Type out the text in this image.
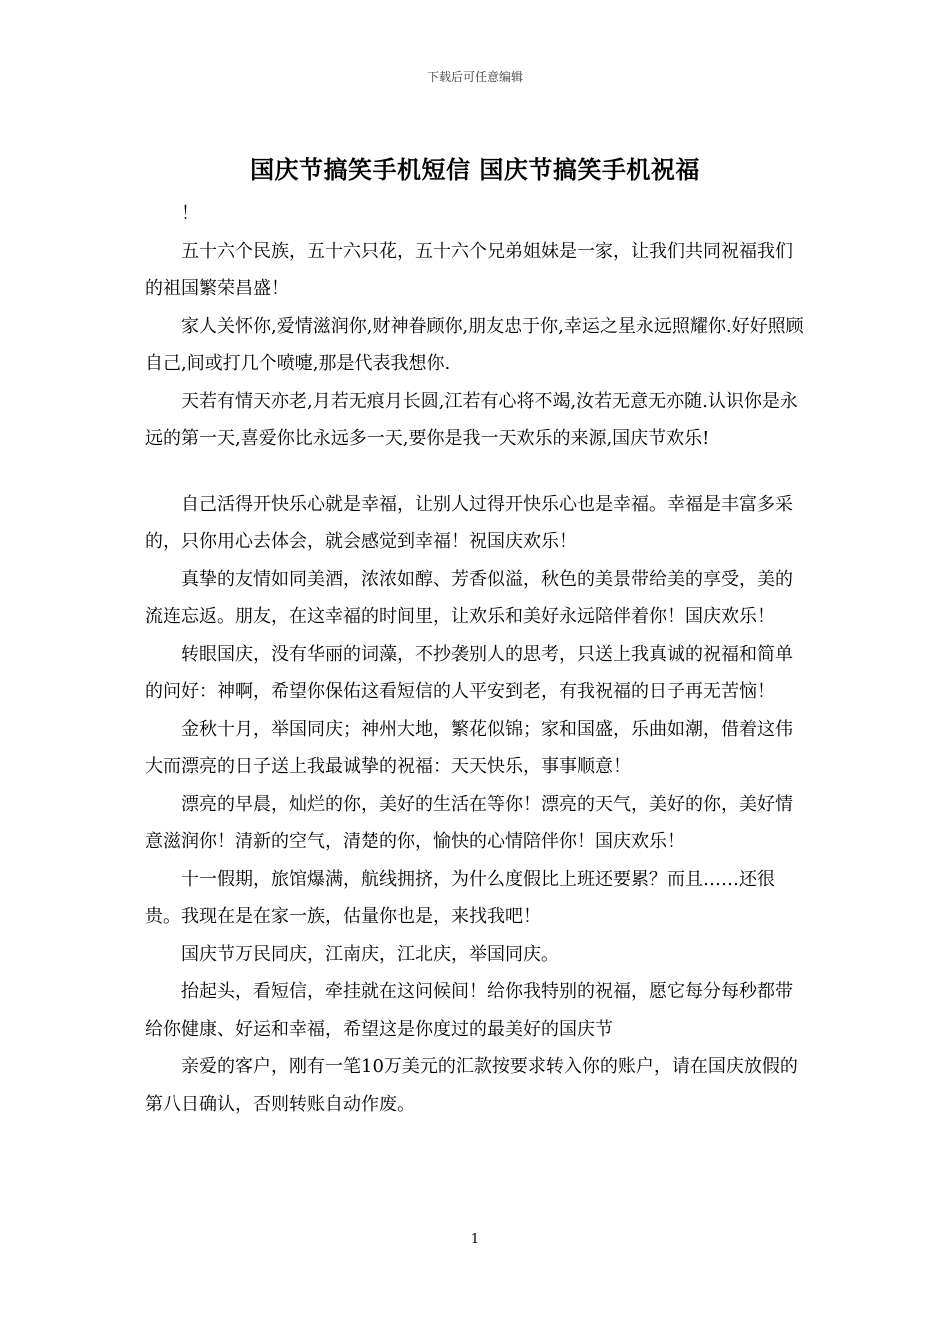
下载后可任意编辑
国庆节搞笑手机短信 国庆节搞笑手机祝福

！

五十六个民族，五十六只花，五十六个兄弟姐妹是一家，让我们共同祝福我们的祖国繁荣昌盛！

家人关怀你,爱情滋润你,财神眷顾你,朋友忠于你,幸运之星永远照耀你.好好照顾自己,间或打几个喷嚏,那是代表我想你.

天若有情天亦老,月若无痕月长圆,江若有心将不竭,汝若无意无亦随.认识你是永远的第一天,喜爱你比永远多一天,要你是我一天欢乐的来源,国庆节欢乐!

自己活得开快乐心就是幸福，让别人过得开快乐心也是幸福。幸福是丰富多采的，只你用心去体会，就会感觉到幸福！祝国庆欢乐！

真挚的友情如同美酒，浓浓如醇、芳香似溢，秋色的美景带给美的享受，美的流连忘返。朋友，在这幸福的时间里，让欢乐和美好永远陪伴着你！国庆欢乐！

转眼国庆，没有华丽的词藻，不抄袭别人的思考，只送上我真诚的祝福和简单的问好：神啊，希望你保佑这看短信的人平安到老，有我祝福的日子再无苦恼！

金秋十月，举国同庆；神州大地，繁花似锦；家和国盛，乐曲如潮，借着这伟大而漂亮的日子送上我最诚挚的祝福：天天快乐，事事顺意！

漂亮的早晨，灿烂的你，美好的生活在等你！漂亮的天气，美好的你，美好情意滋润你！清新的空气，清楚的你，愉快的心情陪伴你！国庆欢乐！

十一假期，旅馆爆满，航线拥挤，为什么度假比上班还要累？而且……还很贵。我现在是在家一族，估量你也是，来找我吧！

国庆节万民同庆，江南庆，江北庆，举国同庆。

抬起头，看短信，牵挂就在这问候间！给你我特别的祝福，愿它每分每秒都带给你健康、好运和幸福，希望这是你度过的最美好的国庆节

亲爱的客户，刚有一笔10万美元的汇款按要求转入你的账户，请在国庆放假的第八日确认，否则转账自动作废。

1
